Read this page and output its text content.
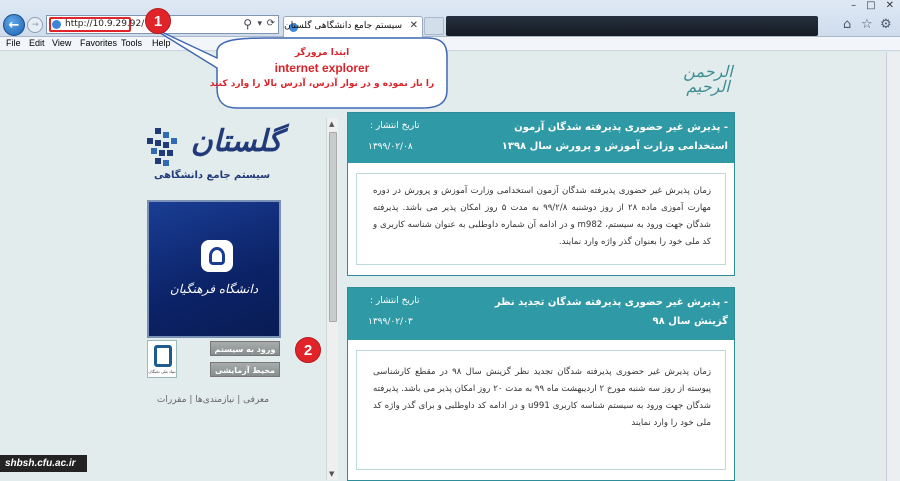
←	→	http://10.9.29.92/	⚲ ▾ ⟳ سیستم جامع دانشگاهی گلستان ✕	⌂ ☆ ⚙
– □ ✕
File Edit View Favorites Tools Help
الرحمن الرحیم
گلستان
سیستم جامع دانشگاهی
دانشگاه فرهنگیان
بنیاد ملی نخبگان
ورود به سیستم
محیط آزمایشی
معرفی | نیازمندی‌ها | مقررات
▲
▼
- پذیرش غیر حضوری پذیرفته شدگان آزمون استخدامی وزارت آموزش و پرورش سال ۱۳۹۸
تاریخ انتشار :
۱۳۹۹/۰۲/۰۸
زمان پذیرش غیر حضوری پذیرفته شدگان آزمون استخدامی وزارت آموزش و پرورش در دوره مهارت آموزی ماده ۲۸ از روز دوشنبه ۹۹/۲/۸ به مدت ۵ روز امکان پذیر می باشد. پذیرفته شدگان جهت ورود به سیستم، m982 و در ادامه آن شماره داوطلبی به عنوان شناسه کاربری و کد ملی خود را بعنوان گذر واژه وارد نمایند.
- پذیرش غیر حضوری پذیرفته شدگان تجدید نظر گزینش سال ۹۸
تاریخ انتشار :
۱۳۹۹/۰۲/۰۳
زمان پذیرش غیر حضوری پذیرفته شدگان تجدید نظر گزینش سال ۹۸ در مقطع کارشناسی پیوسته از روز سه شنبه مورخ ۲ اردیبهشت ماه ۹۹ به مدت ۲۰ روز امکان پذیر می باشد. پذیرفته شدگان جهت ورود به سیستم شناسه کاربری u991 و در ادامه کد داوطلبی و برای گذر واژه کد ملی خود را وارد نمایند
ابتدا مرورگر
internet explorer
را باز نموده و در نوار آدرس، آدرس بالا را وارد کنید
1
2
shbsh.cfu.ac.ir
